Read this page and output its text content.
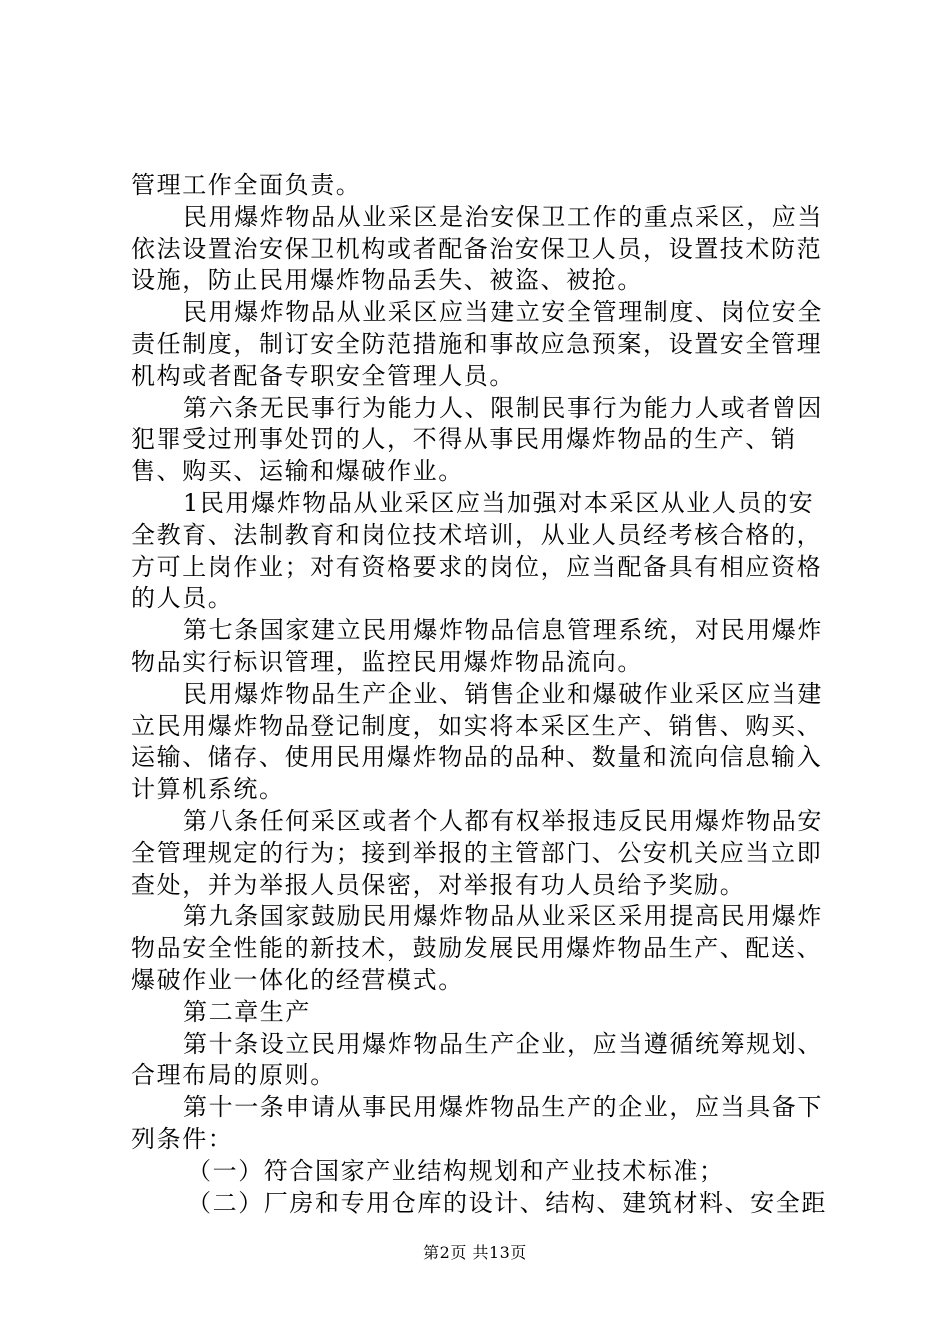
管理工作全面负责。

民用爆炸物品从业采区是治安保卫工作的重点采区，应当依法设置治安保卫机构或者配备治安保卫人员，设置技术防范设施，防止民用爆炸物品丢失、被盗、被抢。

民用爆炸物品从业采区应当建立安全管理制度、岗位安全责任制度，制订安全防范措施和事故应急预案，设置安全管理机构或者配备专职安全管理人员。

第六条无民事行为能力人、限制民事行为能力人或者曾因犯罪受过刑事处罚的人，不得从事民用爆炸物品的生产、销售、购买、运输和爆破作业。

1民用爆炸物品从业采区应当加强对本采区从业人员的安全教育、法制教育和岗位技术培训，从业人员经考核合格的，方可上岗作业；对有资格要求的岗位，应当配备具有相应资格的人员。

第七条国家建立民用爆炸物品信息管理系统，对民用爆炸物品实行标识管理，监控民用爆炸物品流向。

民用爆炸物品生产企业、销售企业和爆破作业采区应当建立民用爆炸物品登记制度，如实将本采区生产、销售、购买、运输、储存、使用民用爆炸物品的品种、数量和流向信息输入计算机系统。

第八条任何采区或者个人都有权举报违反民用爆炸物品安全管理规定的行为；接到举报的主管部门、公安机关应当立即查处，并为举报人员保密，对举报有功人员给予奖励。

第九条国家鼓励民用爆炸物品从业采区采用提高民用爆炸物品安全性能的新技术，鼓励发展民用爆炸物品生产、配送、爆破作业一体化的经营模式。

第二章生产

第十条设立民用爆炸物品生产企业，应当遵循统筹规划、合理布局的原则。

第十一条申请从事民用爆炸物品生产的企业，应当具备下列条件：

（一）符合国家产业结构规划和产业技术标准；

（二）厂房和专用仓库的设计、结构、建筑材料、安全距

第2页 共13页
